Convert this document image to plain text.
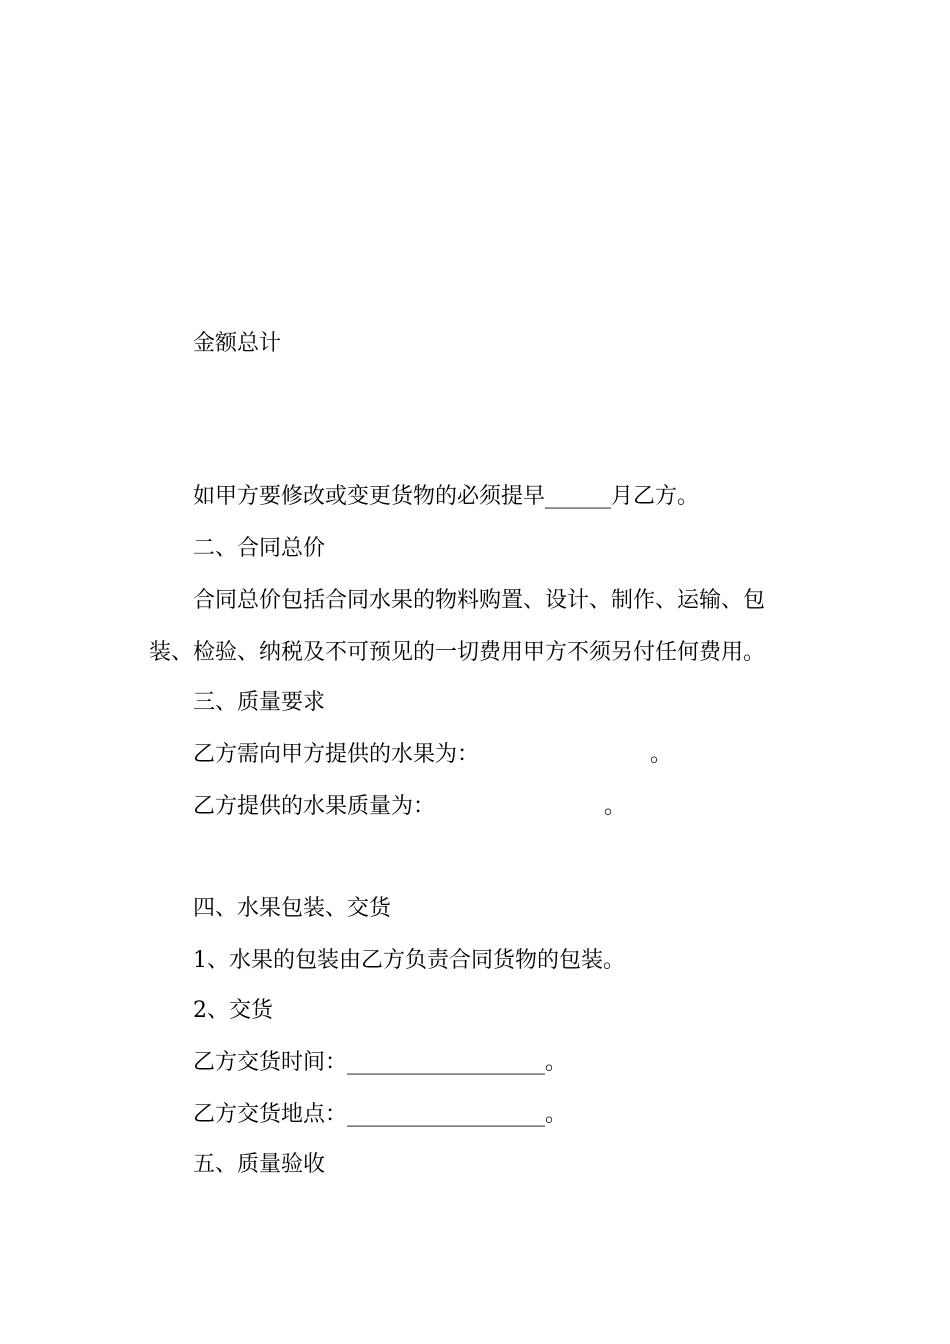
金额总计
如甲方要修改或变更货物的必须提早______月乙方。
二、合同总价
合同总价包括合同水果的物料购置、设计、制作、运输、包
装、检验、纳税及不可预见的一切费用甲方不须另付任何费用。
三、质量要求
乙方需向甲方提供的水果为：	。
乙方提供的水果质量为：	。
四、水果包装、交货
1、水果的包装由乙方负责合同货物的包装。
2、交货
乙方交货时间：__________________。
乙方交货地点：__________________。
五、质量验收
